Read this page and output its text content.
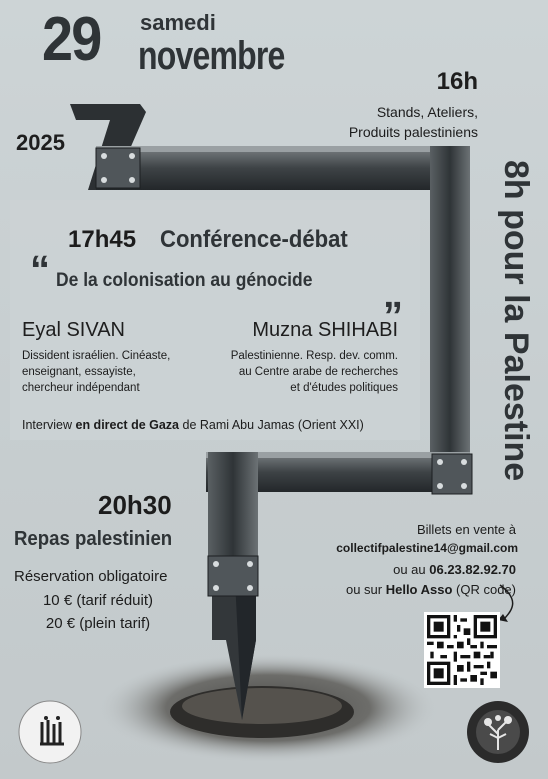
29 samedi
novembre
2025
16h
Stands, Ateliers,
Produits palestiniens
8h pour la Palestine
17h45 Conférence-débat
“ De la colonisation au génocide „
Eyal SIVAN
Dissident israélien. Cinéaste,
enseignant, essayiste,
chercheur indépendant
Muzna SHIHABI
Palestinienne. Resp. dev. comm.
au Centre arabe de recherches
et d'études politiques
Interview en direct de Gaza de Rami Abu Jamas (Orient XXI)
20h30
Repas palestinien
Réservation obligatoire
10 € (tarif réduit)
20 € (plein tarif)
Billets en vente à
collectifpalestine14@gmail.com
ou au 06.23.82.92.70
ou sur Hello Asso (QR code)
